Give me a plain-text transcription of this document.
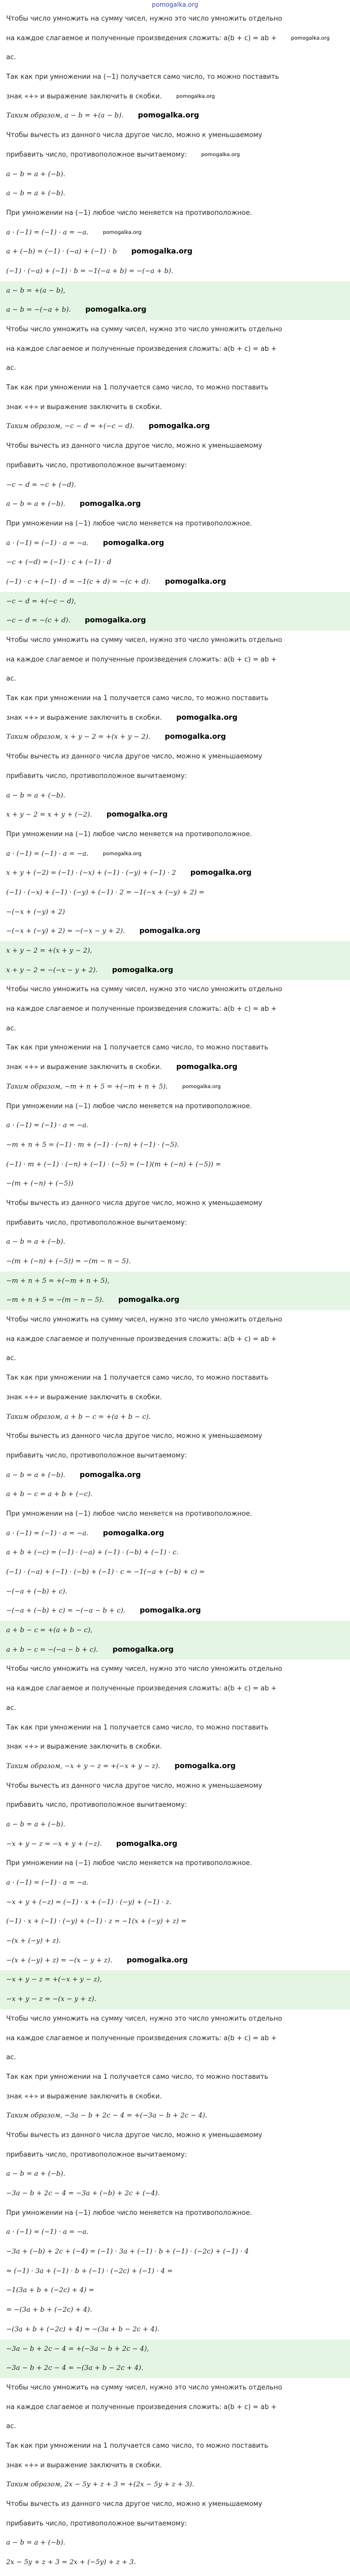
pomogalka.org
Чтобы число умножить на сумму чисел, нужно это число умножить отдельно
на каждое слагаемое и полученные произведения сложить: a(b + c) = ab +	pomogalka.org
ac.
Так как при умножении на (−1) получается само число, то можно поставить
знак «+» и выражение заключить в скобки.	pomogalka.org
Таким образом, a − b = +(a − b). pomogalka.org
Чтобы вычесть из данного числа другое число, можно к уменьшаемому
прибавить число, противоположное вычитаемому:	pomogalka.org
a − b = a + (−b).
a − b = a + (−b).
При умножении на (−1) любое число меняется на противоположное.
a · (−1) = (−1) · a = −a.	pomogalka.org
a + (−b) = (−1) · (−a) + (−1) · b pomogalka.org
(−1) · (−a) + (−1) · b = −1(−a + b) = −(−a + b).
a − b = +(a − b),
a − b = −(−a + b). pomogalka.org
Чтобы число умножить на сумму чисел, нужно это число умножить отдельно
на каждое слагаемое и полученные произведения сложить: a(b + c) = ab +
ac.
Так как при умножении на 1 получается само число, то можно поставить
знак «+» и выражение заключить в скобки.
Таким образом, −c − d = +(−c − d). pomogalka.org
Чтобы вычесть из данного числа другое число, можно к уменьшаемому
прибавить число, противоположное вычитаемому:
−c − d = −c + (−d).
a − b = a + (−b). pomogalka.org
При умножении на (−1) любое число меняется на противоположное.
a · (−1) = (−1) · a = −a. pomogalka.org
−c + (−d) = (−1) · c + (−1) · d
(−1) · c + (−1) · d = −1(c + d) = −(c + d). pomogalka.org
−c − d = +(−c − d),
−c − d = −(c + d). pomogalka.org
Чтобы число умножить на сумму чисел, нужно это число умножить отдельно
на каждое слагаемое и полученные произведения сложить: a(b + c) = ab +
ac.
Так как при умножении на 1 получается само число, то можно поставить
знак «+» и выражение заключить в скобки. pomogalka.org
Таким образом, x + y − 2 = +(x + y − 2). pomogalka.org
Чтобы вычесть из данного числа другое число, можно к уменьшаемому
прибавить число, противоположное вычитаемому:
a − b = a + (−b).
x + y − 2 = x + y + (−2). pomogalka.org
При умножении на (−1) любое число меняется на противоположное.
a · (−1) = (−1) · a = −a.	pomogalka.org
x + y + (−2) = (−1) · (−x) + (−1) · (−y) + (−1) · 2 pomogalka.org
(−1) · (−x) + (−1) · (−y) + (−1) · 2 = −1(−x + (−y) + 2) =
−(−x + (−y) + 2)
−(−x + (−y) + 2) = −(−x − y + 2). pomogalka.org
x + y − 2 = +(x + y − 2),
x + y − 2 = −(−x − y + 2). pomogalka.org
Чтобы число умножить на сумму чисел, нужно это число умножить отдельно
на каждое слагаемое и полученные произведения сложить: a(b + c) = ab +
ac.
Так как при умножении на 1 получается само число, то можно поставить
знак «+» и выражение заключить в скобки. pomogalka.org
Таким образом, −m + n + 5 = +(−m + n + 5).	pomogalka.org
При умножении на (−1) любое число меняется на противоположное.
a · (−1) = (−1) · a = −a.
−m + n + 5 = (−1) · m + (−1) · (−n) + (−1) · (−5).
(−1) · m + (−1) · (−n) + (−1) · (−5) = (−1)(m + (−n) + (−5)) =
−(m + (−n) + (−5))
Чтобы вычесть из данного числа другое число, можно к уменьшаемому
прибавить число, противоположное вычитаемому:
a − b = a + (−b).
−(m + (−n) + (−5)) = −(m − n − 5).
−m + n + 5 = +(−m + n + 5),
−m + n + 5 = −(m − n − 5). pomogalka.org
Чтобы число умножить на сумму чисел, нужно это число умножить отдельно
на каждое слагаемое и полученные произведения сложить: a(b + c) = ab +
ac.
Так как при умножении на 1 получается само число, то можно поставить
знак «+» и выражение заключить в скобки.
Таким образом, a + b − c = +(a + b − c).
Чтобы вычесть из данного числа другое число, можно к уменьшаемому
прибавить число, противоположное вычитаемому:
a − b = a + (−b). pomogalka.org
a + b − c = a + b + (−c).
При умножении на (−1) любое число меняется на противоположное.
a · (−1) = (−1) · a = −a. pomogalka.org
a + b + (−c) = (−1) · (−a) + (−1) · (−b) + (−1) · c.
(−1) · (−a) + (−1) · (−b) + (−1) · c = −1(−a + (−b) + c) =
−(−a + (−b) + c).
−(−a + (−b) + c) = −(−a − b + c). pomogalka.org
a + b − c = +(a + b − c),
a + b − c = −(−a − b + c). pomogalka.org
Чтобы число умножить на сумму чисел, нужно это число умножить отдельно
на каждое слагаемое и полученные произведения сложить: a(b + c) = ab +
ac.
Так как при умножении на 1 получается само число, то можно поставить
знак «+» и выражение заключить в скобки.
Таким образом, −x + y − z = +(−x + y − z). pomogalka.org
Чтобы вычесть из данного числа другое число, можно к уменьшаемому
прибавить число, противоположное вычитаемому:
a − b = a + (−b).
−x + y − z = −x + y + (−z). pomogalka.org
При умножении на (−1) любое число меняется на противоположное.
a · (−1) = (−1) · a = −a.
−x + y + (−z) = (−1) · x + (−1) · (−y) + (−1) · z.
(−1) · x + (−1) · (−y) + (−1) · z = −1(x + (−y) + z) =
−(x + (−y) + z).
−(x + (−y) + z) = −(x − y + z). pomogalka.org
−x + y − z = +(−x + y − z),
−x + y − z = −(x − y + z).
Чтобы число умножить на сумму чисел, нужно это число умножить отдельно
на каждое слагаемое и полученные произведения сложить: a(b + c) = ab +
ac.
Так как при умножении на 1 получается само число, то можно поставить
знак «+» и выражение заключить в скобки.
Таким образом, −3a − b + 2c − 4 = +(−3a − b + 2c − 4).
Чтобы вычесть из данного числа другое число, можно к уменьшаемому
прибавить число, противоположное вычитаемому:
a − b = a + (−b).
−3a − b + 2c − 4 = −3a + (−b) + 2c + (−4).
При умножении на (−1) любое число меняется на противоположное.
a · (−1) = (−1) · a = −a.
−3a + (−b) + 2c + (−4) = (−1) · 3a + (−1) · b + (−1) · (−2c) + (−1) · 4
= (−1) · 3a + (−1) · b + (−1) · (−2c) + (−1) · 4 =
−1(3a + b + (−2c) + 4) =
= −(3a + b + (−2c) + 4).
−(3a + b + (−2c) + 4) = −(3a + b − 2c + 4).
−3a − b + 2c − 4 = +(−3a − b + 2c − 4),
−3a − b + 2c − 4 = −(3a + b − 2c + 4).
Чтобы число умножить на сумму чисел, нужно это число умножить отдельно
на каждое слагаемое и полученные произведения сложить: a(b + c) = ab +
ac.
Так как при умножении на 1 получается само число, то можно поставить
знак «+» и выражение заключить в скобки.
Таким образом, 2x − 5y + z + 3 = +(2x − 5y + z + 3).
Чтобы вычесть из данного числа другое число, можно к уменьшаемому
прибавить число, противоположное вычитаемому:
a − b = a + (−b).
2x − 5y + z + 3 = 2x + (−5y) + z + 3.
